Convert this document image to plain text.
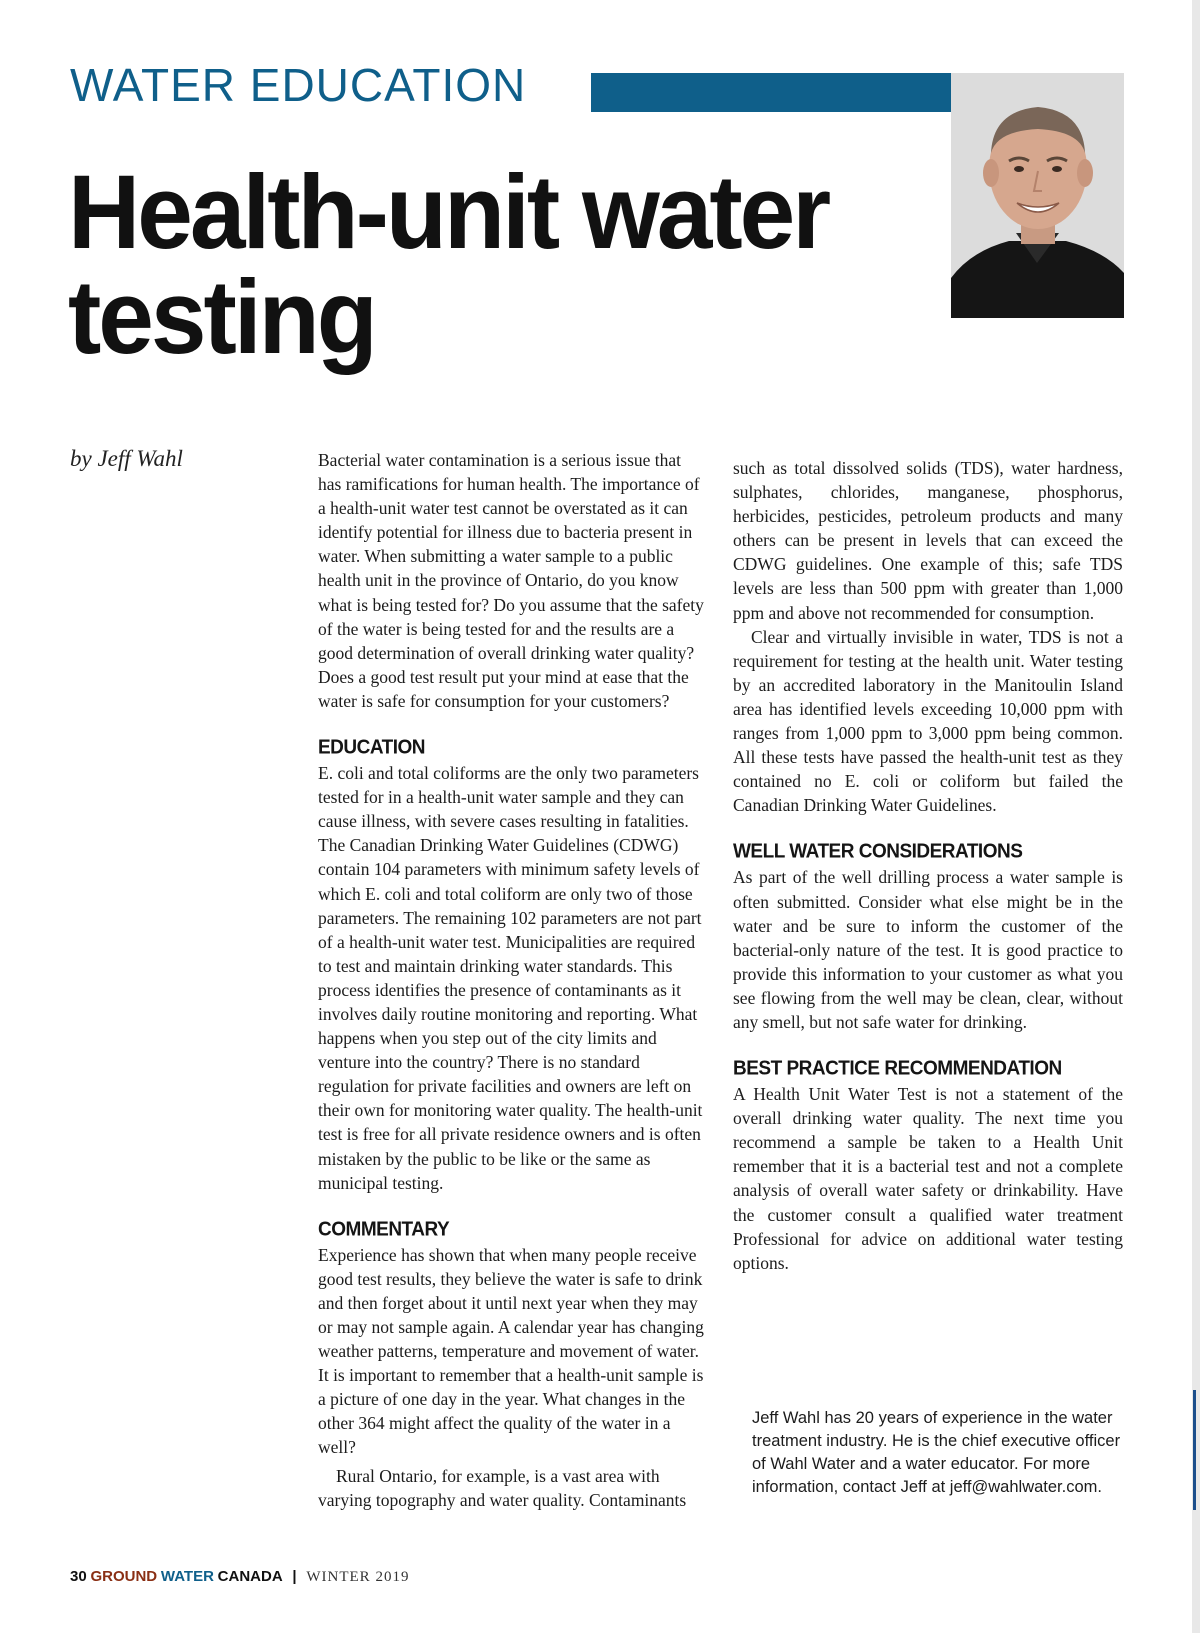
WATER EDUCATION
Health-unit water testing
by Jeff Wahl	Bacterial water contamination is a serious issue that has ramifications for human health. The importance of a health-unit water test cannot be overstated as it can identify potential for illness due to bacteria present in water. When submitting a water sample to a public health unit in the province of Ontario, do you know what is being tested for? Do you assume that the safety of the water is being tested for and the results are a good determination of overall drinking water quality? Does a good test result put your mind at ease that the water is safe for consumption for your customers?

EDUCATION

E. coli and total coliforms are the only two parameters tested for in a health-unit water sample and they can cause illness, with severe cases resulting in fatalities. The Canadian Drinking Water Guidelines (CDWG) contain 104 parameters with minimum safety levels of which E. coli and total coliform are only two of those parameters. The remaining 102 parameters are not part of a health-unit water test. Municipalities are required to test and maintain drinking water standards. This process identifies the presence of contaminants as it involves daily routine monitoring and reporting. What happens when you step out of the city limits and venture into the country? There is no standard regulation for private facilities and owners are left on their own for monitoring water quality. The health-unit test is free for all private residence owners and is often mistaken by the public to be like or the same as municipal testing.

COMMENTARY

Experience has shown that when many people receive good test results, they believe the water is safe to drink and then forget about it until next year when they may or may not sample again. A calendar year has changing weather patterns, temperature and movement of water. It is important to remember that a health-unit sample is a picture of one day in the year. What changes in the other 364 might affect the quality of the water in a well?

Rural Ontario, for example, is a vast area with varying topography and water quality. Contaminants

such as total dissolved solids (TDS), water hardness, sulphates, chlorides, manganese, phosphorus, herbicides, pesticides, petroleum products and many others can be present in levels that can exceed the CDWG guidelines. One example of this; safe TDS levels are less than 500 ppm with greater than 1,000 ppm and above not recommended for consumption.

Clear and virtually invisible in water, TDS is not a requirement for testing at the health unit. Water testing by an accredited laboratory in the Manitoulin Island area has identified levels exceeding 10,000 ppm with ranges from 1,000 ppm to 3,000 ppm being common. All these tests have passed the health-unit test as they contained no E. coli or coliform but failed the Canadian Drinking Water Guidelines.

WELL WATER CONSIDERATIONS

As part of the well drilling process a water sample is often submitted. Consider what else might be in the water and be sure to inform the customer of the bacterial-only nature of the test. It is good practice to provide this information to your customer as what you see flowing from the well may be clean, clear, without any smell, but not safe water for drinking.

BEST PRACTICE RECOMMENDATION

A Health Unit Water Test is not a statement of the overall drinking water quality. The next time you recommend a sample be taken to a Health Unit remember that it is a bacterial test and not a complete analysis of overall water safety or drinkability. Have the customer consult a qualified water treatment Professional for advice on additional water testing options.

Jeff Wahl has 20 years of experience in the water treatment industry. He is the chief executive officer of Wahl Water and a water educator. For more information, contact Jeff at jeff@wahlwater.com.
30 GROUND WATER CANADA | WINTER 2019
